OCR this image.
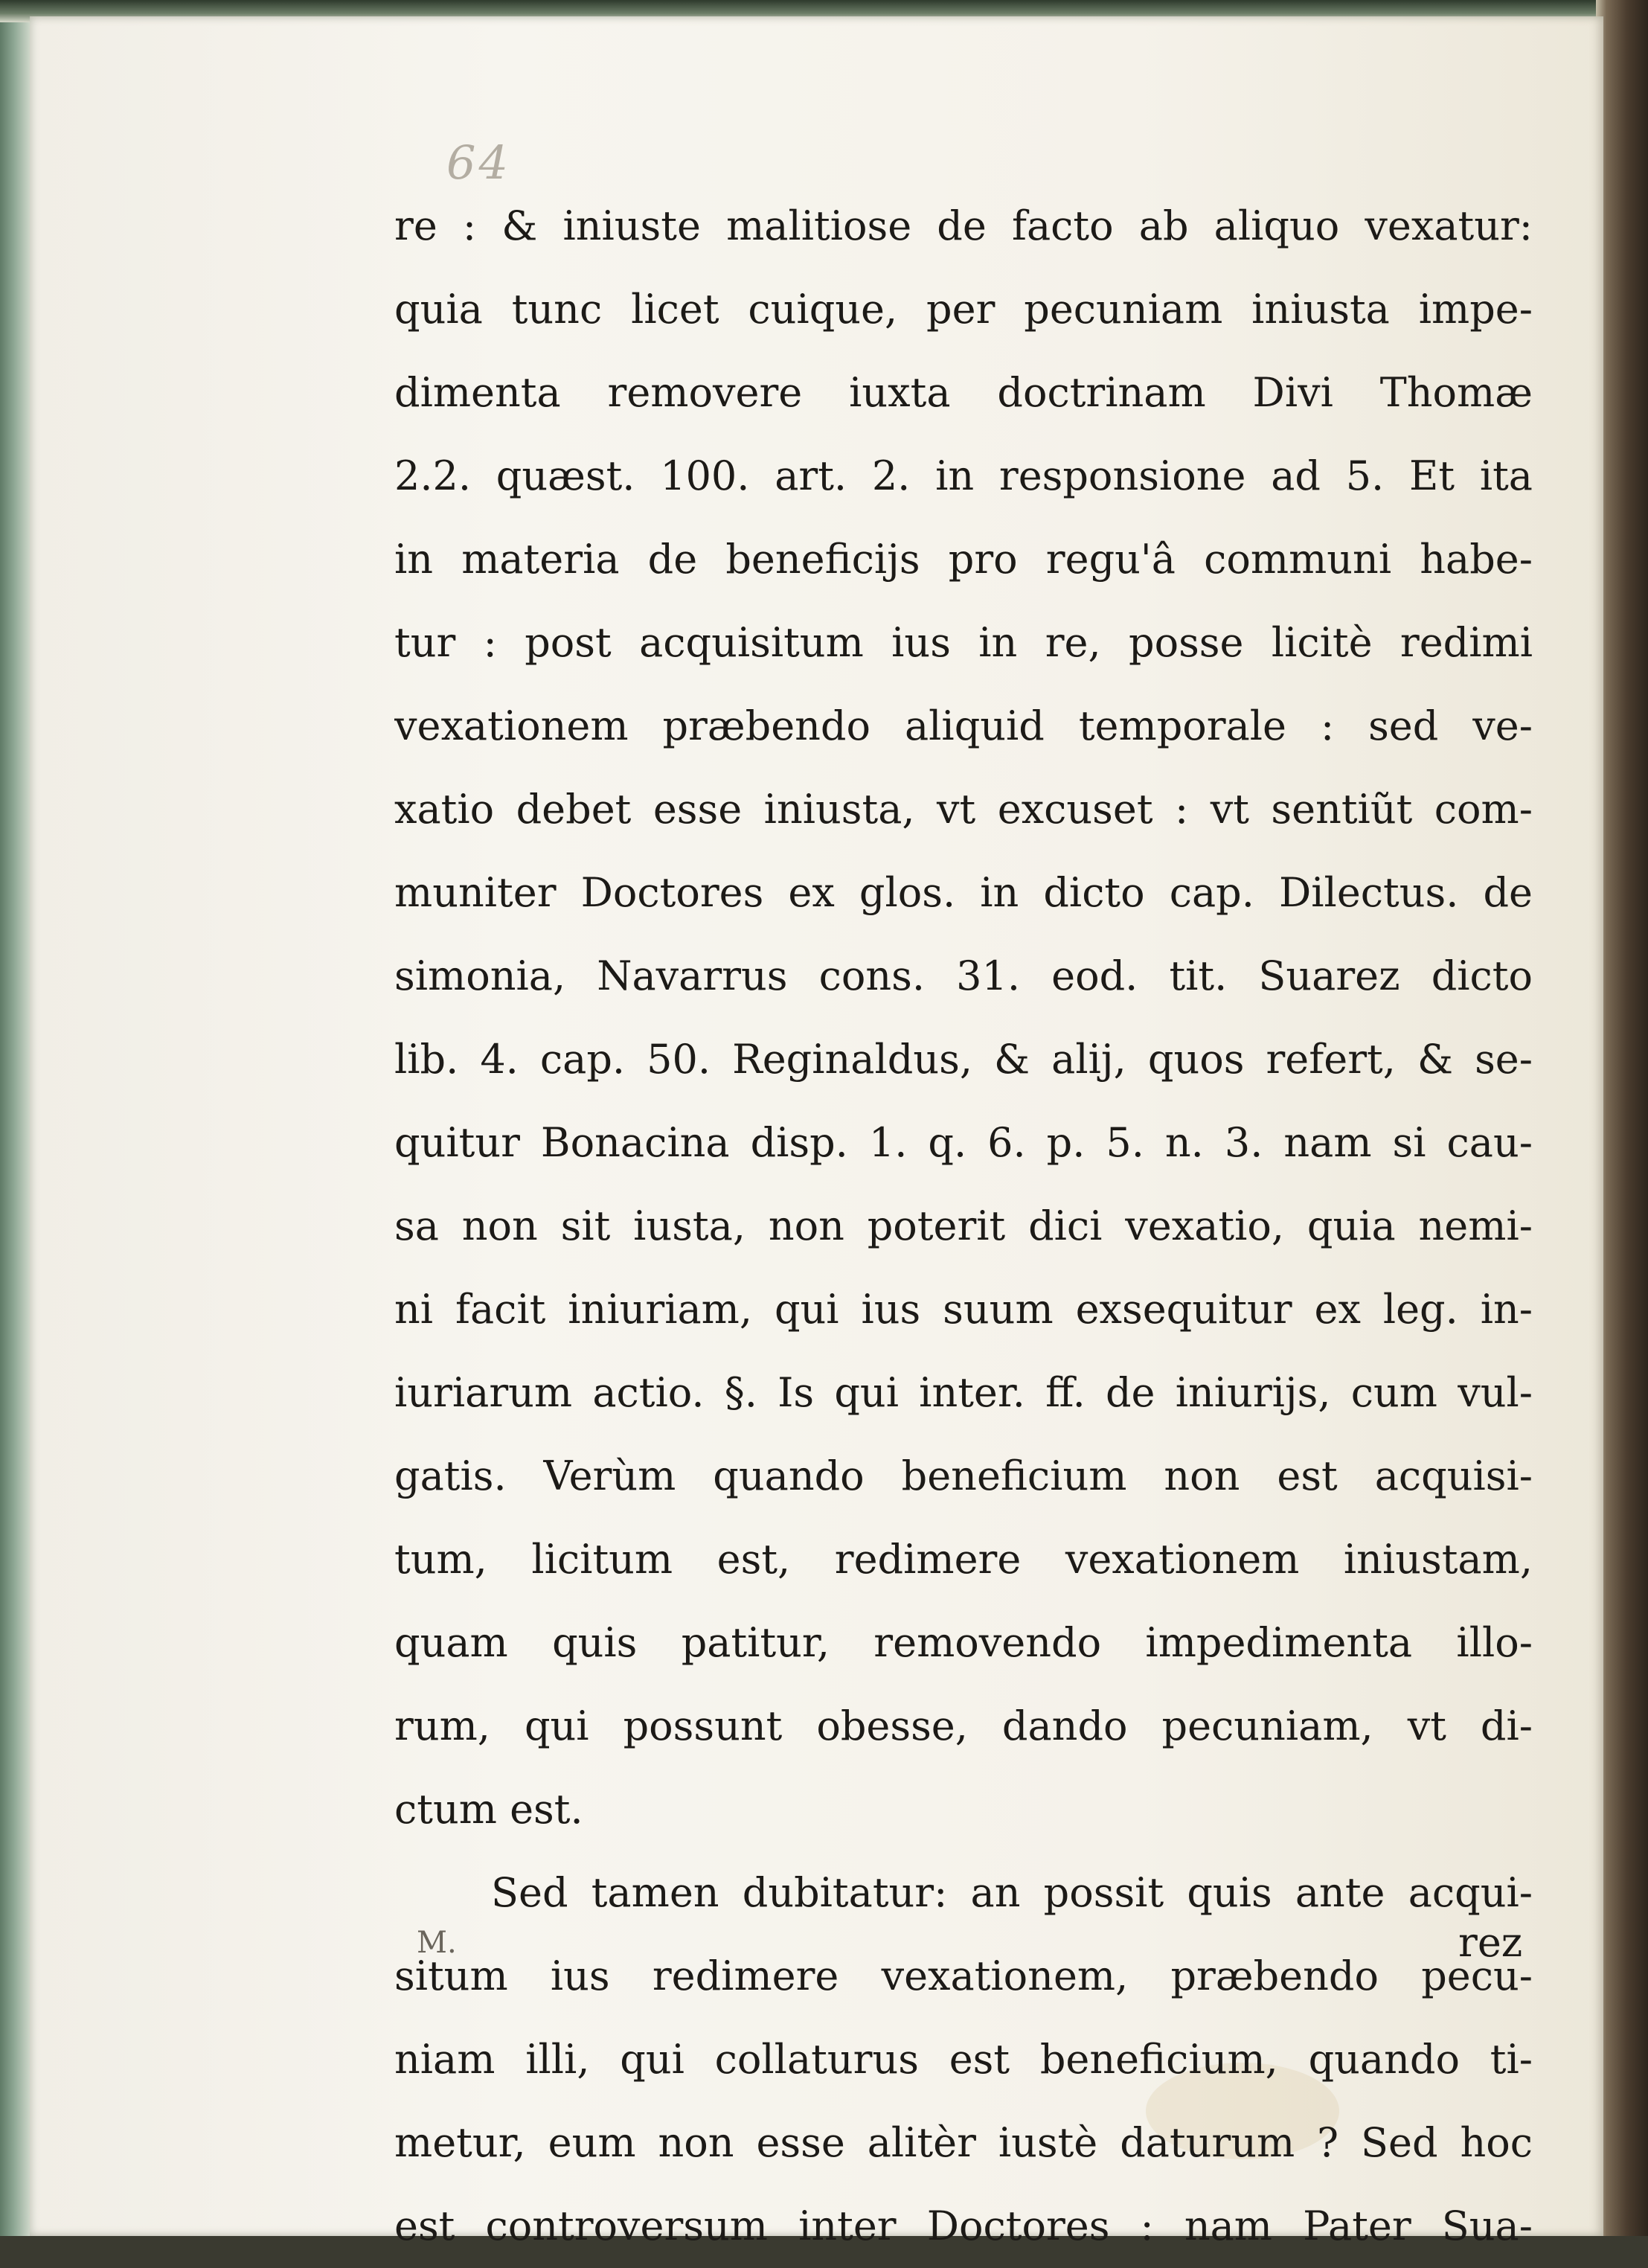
64
re : & iniuste malitiose de facto ab aliquo vexatur:
quia tunc licet cuique, per pecuniam iniusta impe-
dimenta removere iuxta doctrinam Divi Thomæ
2.2. quæst. 100. art. 2. in responsione ad 5. Et ita
in materia de beneficijs pro regu'â communi habe-
tur : post acquisitum ius in re, posse licitè redimi
vexationem præbendo aliquid temporale : sed ve-
xatio debet esse iniusta, vt excuset : vt sentiũt com-
muniter Doctores ex glos. in dicto cap. Dilectus. de
simonia, Navarrus cons. 31. eod. tit. Suarez dicto
lib. 4. cap. 50. Reginaldus, & alij, quos refert, & se-
quitur Bonacina disp. 1. q. 6. p. 5. n. 3. nam si cau-
sa non sit iusta, non poterit dici vexatio, quia nemi-
ni facit iniuriam, qui ius suum exsequitur ex leg. in-
iuriarum actio. §. Is qui inter. ff. de iniurijs, cum vul-
gatis. Verùm quando beneficium non est acquisi-
tum, licitum est, redimere vexationem iniustam,
quam quis patitur, removendo impedimenta illo-
rum, qui possunt obesse, dando pecuniam, vt di-
ctum est.
Sed tamen dubitatur: an possit quis ante acqui-
situm ius redimere vexationem, præbendo pecu-
niam illi, qui collaturus est beneficium, quando ti-
metur, eum non esse alitèr iustè daturum ? Sed hoc
est controversum inter Doctores : nam Pater Sua-
M.	rez
